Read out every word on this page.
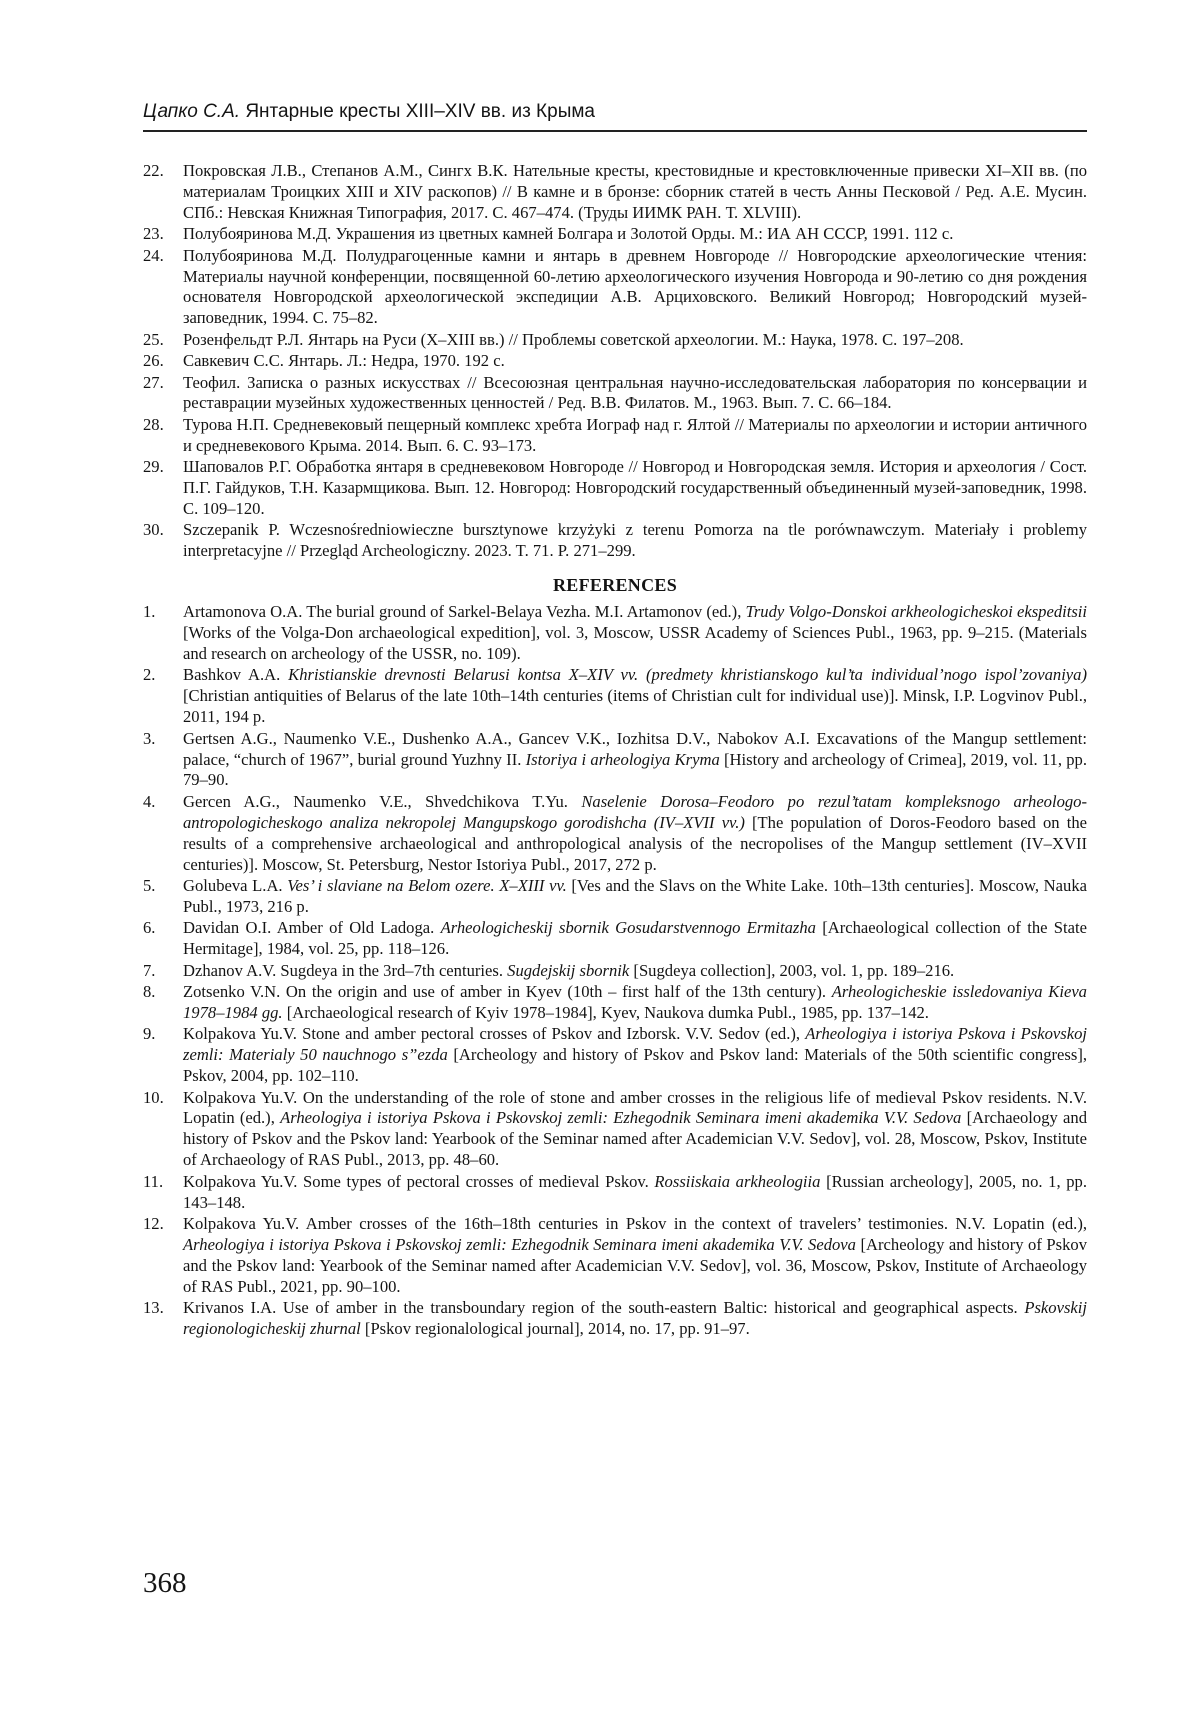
Цапко С.А. Янтарные кресты XIII–XIV вв. из Крыма
22. Покровская Л.В., Степанов А.М., Сингх В.К. Нательные кресты, крестовидные и крестовключенные привески XI–XII вв. (по материалам Троицких XIII и XIV раскопов) // В камне и в бронзе: сборник статей в честь Анны Песковой / Ред. А.Е. Мусин. СПб.: Невская Книжная Типография, 2017. С. 467–474. (Труды ИИМК РАН. Т. XLVIII).
23. Полубояринова М.Д. Украшения из цветных камней Болгара и Золотой Орды. М.: ИА АН СССР, 1991. 112 с.
24. Полубояринова М.Д. Полудрагоценные камни и янтарь в древнем Новгороде // Новгородские археологические чтения: Материалы научной конференции, посвященной 60-летию археологического изучения Новгорода и 90-летию со дня рождения основателя Новгородской археологической экспедиции А.В. Арциховского. Великий Новгород; Новгородский музей-заповедник, 1994. С. 75–82.
25. Розенфельдт Р.Л. Янтарь на Руси (X–XIII вв.) // Проблемы советской археологии. М.: Наука, 1978. С. 197–208.
26. Савкевич С.С. Янтарь. Л.: Недра, 1970. 192 с.
27. Теофил. Записка о разных искусствах // Всесоюзная центральная научно-исследовательская лаборатория по консервации и реставрации музейных художественных ценностей / Ред. В.В. Филатов. М., 1963. Вып. 7. С. 66–184.
28. Турова Н.П. Средневековый пещерный комплекс хребта Иограф над г. Ялтой // Материалы по археологии и истории античного и средневекового Крыма. 2014. Вып. 6. С. 93–173.
29. Шаповалов Р.Г. Обработка янтаря в средневековом Новгороде // Новгород и Новгородская земля. История и археология / Сост. П.Г. Гайдуков, Т.Н. Казармщикова. Вып. 12. Новгород: Новгородский государственный объединенный музей-заповедник, 1998. С. 109–120.
30. Szczepanik P. Wczesnośredniowieczne bursztynowe krzyżyki z terenu Pomorza na tle porównawczym. Materiały i problemy interpretacyjne // Przegląd Archeologiczny. 2023. T. 71. P. 271–299.
REFERENCES
1. Artamonova O.A. The burial ground of Sarkel-Belaya Vezha. M.I. Artamonov (ed.), Trudy Volgo-Donskoi arkheologicheskoi ekspeditsii [Works of the Volga-Don archaeological expedition], vol. 3, Moscow, USSR Academy of Sciences Publ., 1963, pp. 9–215. (Materials and research on archeology of the USSR, no. 109).
2. Bashkov A.A. Khristianskie drevnosti Belarusi kontsa X–XIV vv. (predmety khristianskogo kul’ta individual’nogo ispol’zovaniya) [Christian antiquities of Belarus of the late 10th–14th centuries (items of Christian cult for individual use)]. Minsk, I.P. Logvinov Publ., 2011, 194 p.
3. Gertsen A.G., Naumenko V.E., Dushenko A.A., Gancev V.K., Iozhitsa D.V., Nabokov A.I. Excavations of the Mangup settlement: palace, “church of 1967”, burial ground Yuzhny II. Istoriya i arheologiya Kryma [History and archeology of Crimea], 2019, vol. 11, pp. 79–90.
4. Gercen A.G., Naumenko V.E., Shvedchikova T.Yu. Naselenie Dorosa–Feodoro po rezul’tatam kompleksnogo arheologo-antropologicheskogo analiza nekropolej Mangupskogo gorodishcha (IV–XVII vv.) [The population of Doros-Feodoro based on the results of a comprehensive archaeological and anthropological analysis of the necropolises of the Mangup settlement (IV–XVII centuries)]. Moscow, St. Petersburg, Nestor Istoriya Publ., 2017, 272 p.
5. Golubeva L.A. Ves’ i slaviane na Belom ozere. X–XIII vv. [Ves and the Slavs on the White Lake. 10th–13th centuries]. Moscow, Nauka Publ., 1973, 216 p.
6. Davidan O.I. Amber of Old Ladoga. Arheologicheskij sbornik Gosudarstvennogo Ermitazha [Archaeological collection of the State Hermitage], 1984, vol. 25, pp. 118–126.
7. Dzhanov A.V. Sugdeya in the 3rd–7th centuries. Sugdejskij sbornik [Sugdeya collection], 2003, vol. 1, pp. 189–216.
8. Zotsenko V.N. On the origin and use of amber in Kyev (10th – first half of the 13th century). Arheologicheskie issledovaniya Kieva 1978–1984 gg. [Archaeological research of Kyiv 1978–1984], Kyev, Naukova dumka Publ., 1985, pp. 137–142.
9. Kolpakova Yu.V. Stone and amber pectoral crosses of Pskov and Izborsk. V.V. Sedov (ed.), Arheologiya i istoriya Pskova i Pskovskoj zemli: Materialy 50 nauchnogo s”ezda [Archeology and history of Pskov and Pskov land: Materials of the 50th scientific congress], Pskov, 2004, pp. 102–110.
10. Kolpakova Yu.V. On the understanding of the role of stone and amber crosses in the religious life of medieval Pskov residents. N.V. Lopatin (ed.), Arheologiya i istoriya Pskova i Pskovskoj zemli: Ezhegodnik Seminara imeni akademika V.V. Sedova [Archaeology and history of Pskov and the Pskov land: Yearbook of the Seminar named after Academician V.V. Sedov], vol. 28, Moscow, Pskov, Institute of Archaeology of RAS Publ., 2013, pp. 48–60.
11. Kolpakova Yu.V. Some types of pectoral crosses of medieval Pskov. Rossiiskaia arkheologiia [Russian archeology], 2005, no. 1, pp. 143–148.
12. Kolpakova Yu.V. Amber crosses of the 16th–18th centuries in Pskov in the context of travelers’ testimonies. N.V. Lopatin (ed.), Arheologiya i istoriya Pskova i Pskovskoj zemli: Ezhegodnik Seminara imeni akademika V.V. Sedova [Archeology and history of Pskov and the Pskov land: Yearbook of the Seminar named after Academician V.V. Sedov], vol. 36, Moscow, Pskov, Institute of Archaeology of RAS Publ., 2021, pp. 90–100.
13. Krivanos I.A. Use of amber in the transboundary region of the south-eastern Baltic: historical and geographical aspects. Pskovskij regionologicheskij zhurnal [Pskov regionalological journal], 2014, no. 17, pp. 91–97.
368
